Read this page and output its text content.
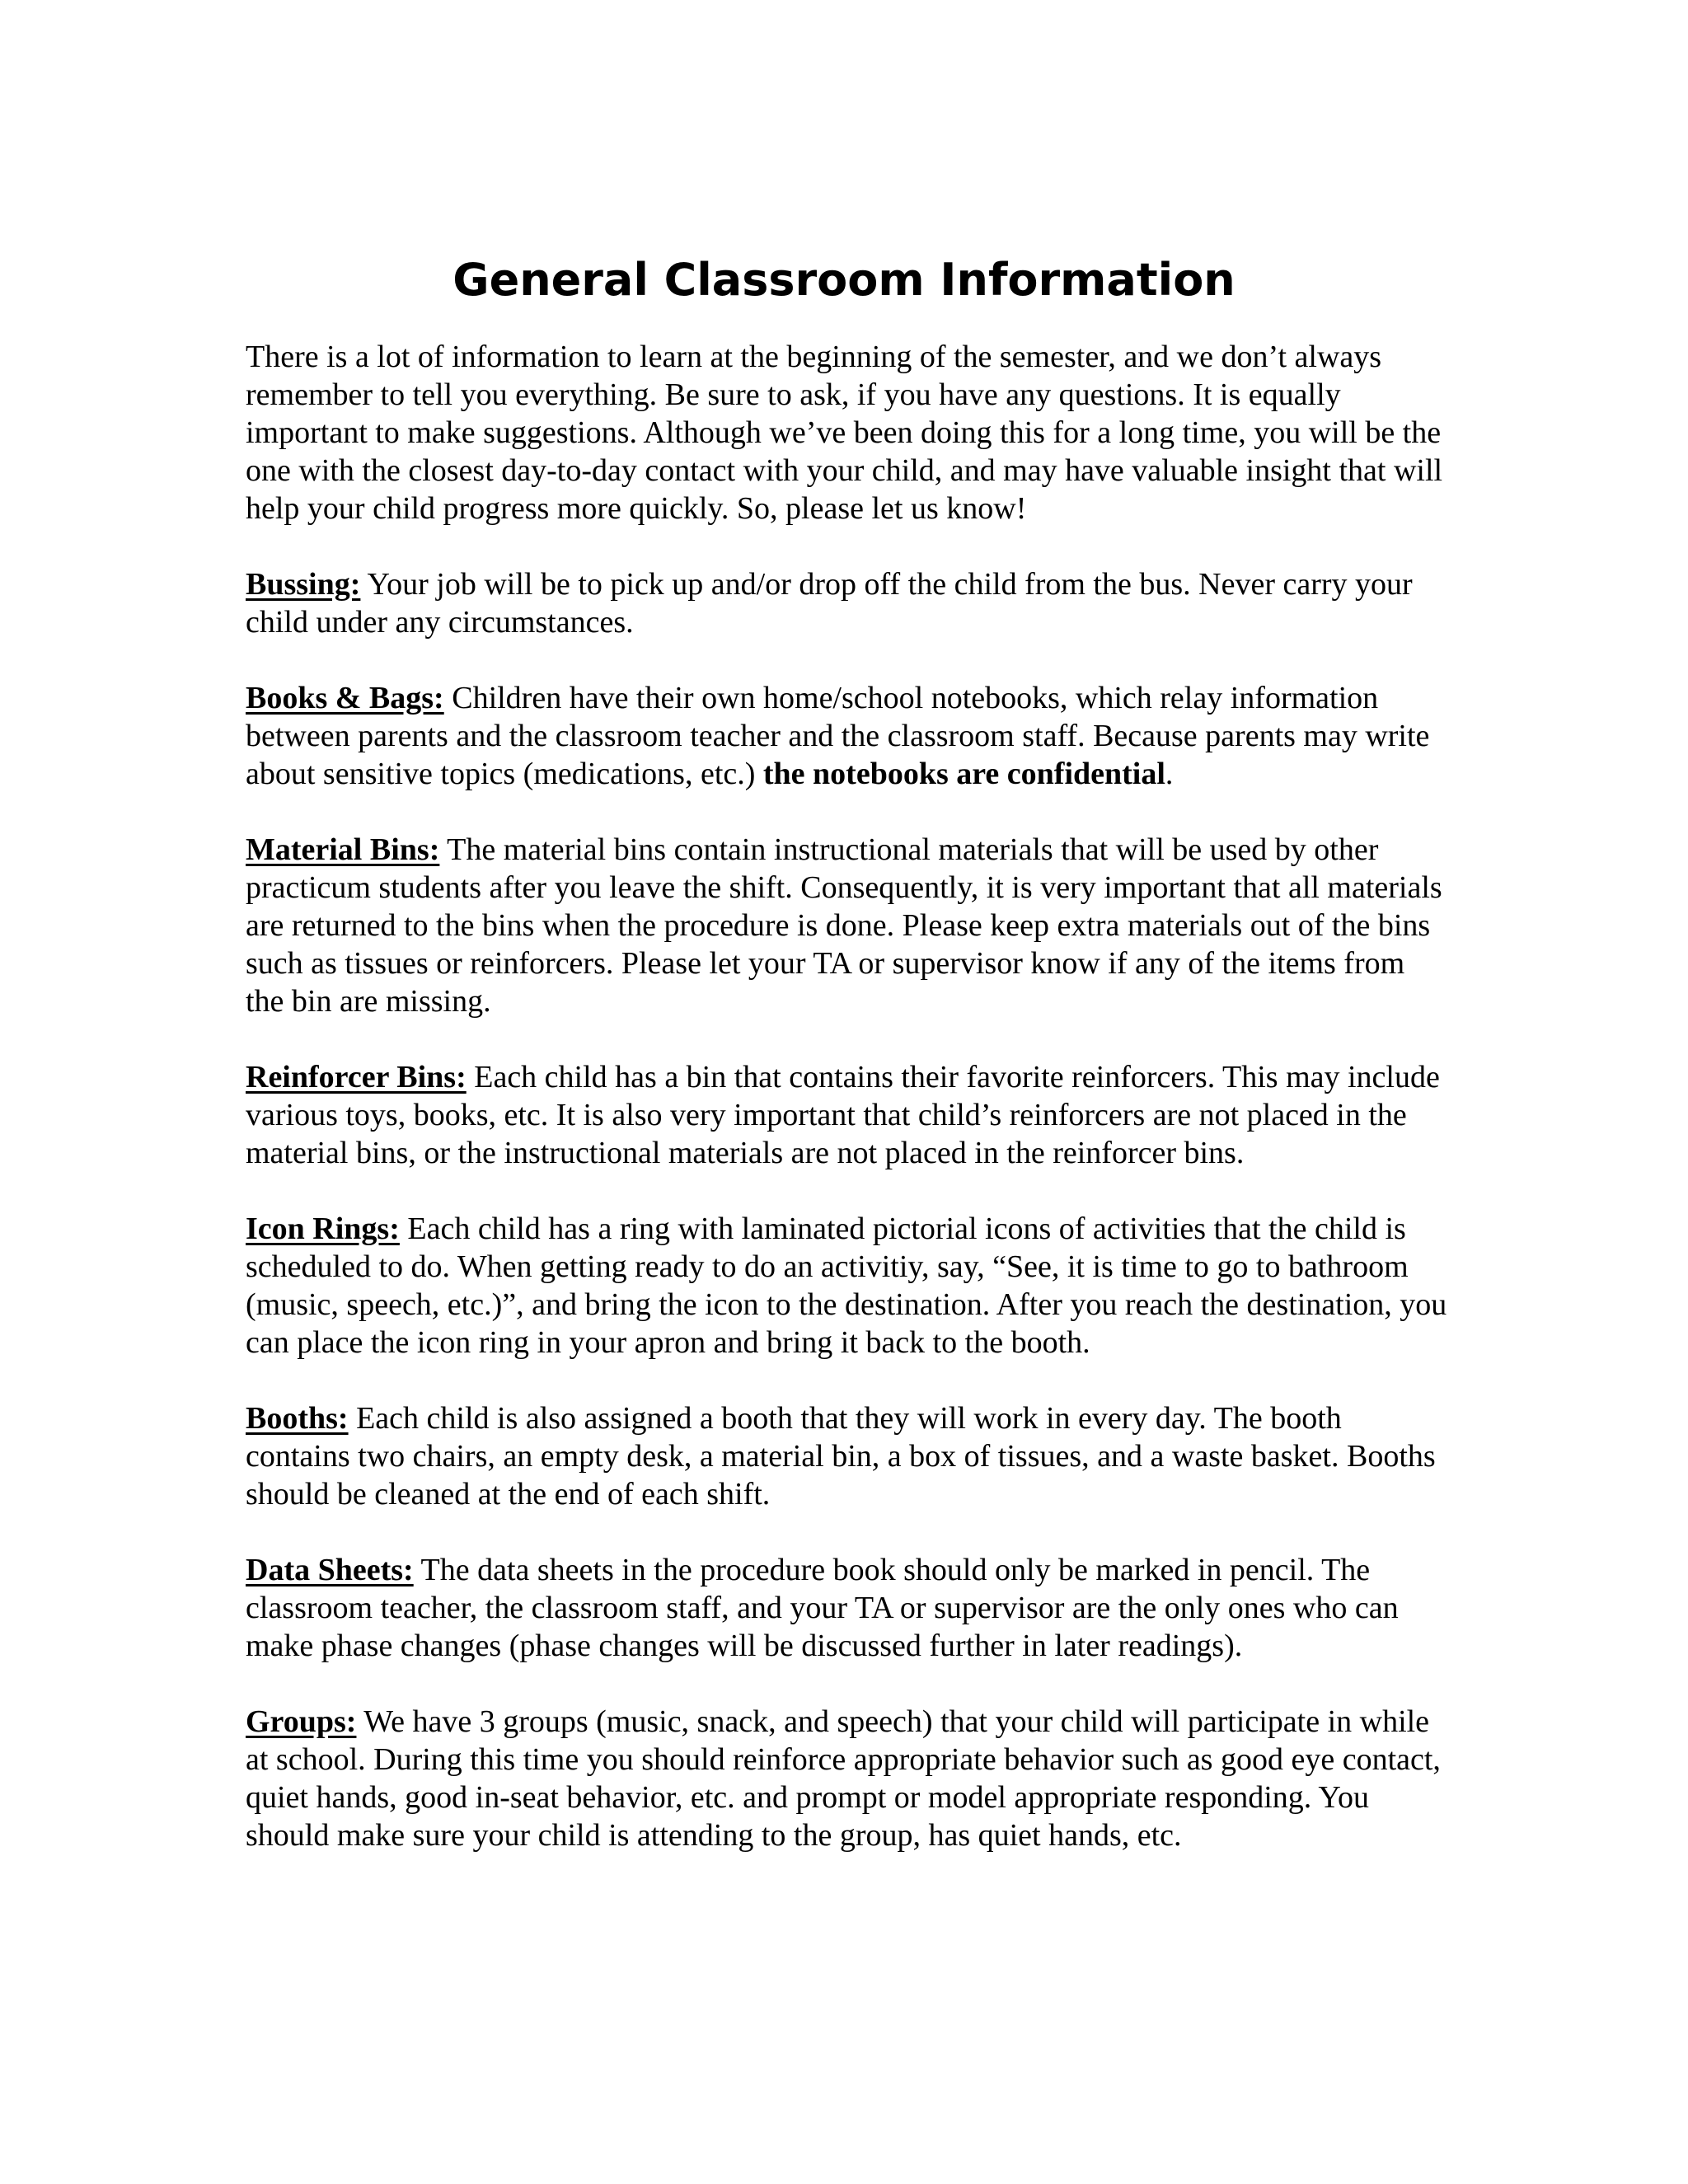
General Classroom Information

There is a lot of information to learn at the beginning of the semester, and we don’t always remember to tell you everything. Be sure to ask, if you have any questions. It is equally important to make suggestions. Although we’ve been doing this for a long time, you will be the one with the closest day-to-day contact with your child, and may have valuable insight that will help your child progress more quickly. So, please let us know!

Bussing: Your job will be to pick up and/or drop off the child from the bus. Never carry your child under any circumstances.

Books & Bags: Children have their own home/school notebooks, which relay information between parents and the classroom teacher and the classroom staff. Because parents may write about sensitive topics (medications, etc.) the notebooks are confidential.

Material Bins: The material bins contain instructional materials that will be used by other practicum students after you leave the shift. Consequently, it is very important that all materials are returned to the bins when the procedure is done. Please keep extra materials out of the bins such as tissues or reinforcers. Please let your TA or supervisor know if any of the items from the bin are missing.

Reinforcer Bins: Each child has a bin that contains their favorite reinforcers. This may include various toys, books, etc. It is also very important that child’s reinforcers are not placed in the material bins, or the instructional materials are not placed in the reinforcer bins.

Icon Rings: Each child has a ring with laminated pictorial icons of activities that the child is scheduled to do. When getting ready to do an activitiy, say, “See, it is time to go to bathroom (music, speech, etc.)”, and bring the icon to the destination. After you reach the destination, you can place the icon ring in your apron and bring it back to the booth.

Booths: Each child is also assigned a booth that they will work in every day. The booth contains two chairs, an empty desk, a material bin, a box of tissues, and a waste basket. Booths should be cleaned at the end of each shift.

Data Sheets: The data sheets in the procedure book should only be marked in pencil. The classroom teacher, the classroom staff, and your TA or supervisor are the only ones who can make phase changes (phase changes will be discussed further in later readings).

Groups: We have 3 groups (music, snack, and speech) that your child will participate in while at school. During this time you should reinforce appropriate behavior such as good eye contact, quiet hands, good in-seat behavior, etc. and prompt or model appropriate responding. You should make sure your child is attending to the group, has quiet hands, etc.
